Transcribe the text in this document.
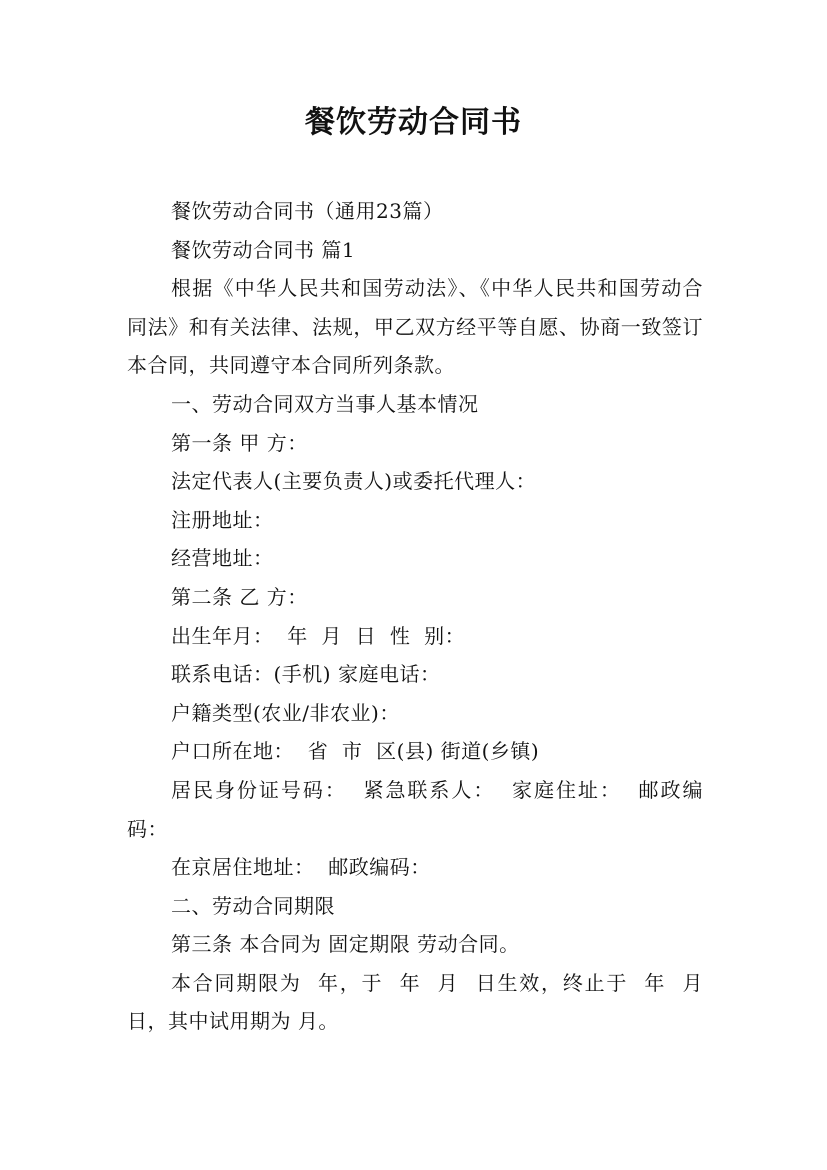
餐饮劳动合同书

餐饮劳动合同书（通用23篇）

餐饮劳动合同书 篇1

根据《中华人民共和国劳动法》、《中华人民共和国劳动合同法》和有关法律、法规，甲乙双方经平等自愿、协商一致签订本合同，共同遵守本合同所列条款。

一、劳动合同双方当事人基本情况

第一条 甲 方：

法定代表人(主要负责人)或委托代理人：

注册地址：

经营地址：

第二条 乙 方：

出生年月：  年  月  日  性  别：

联系电话：(手机) 家庭电话：

户籍类型(农业/非农业)：

户口所在地：  省  市  区(县) 街道(乡镇)

居民身份证号码：  紧急联系人：  家庭住址：  邮政编码：

在京居住地址：  邮政编码：

二、劳动合同期限

第三条 本合同为 固定期限 劳动合同。

本合同期限为  年，于  年  月  日生效，终止于  年  月  日，其中试用期为 月。
